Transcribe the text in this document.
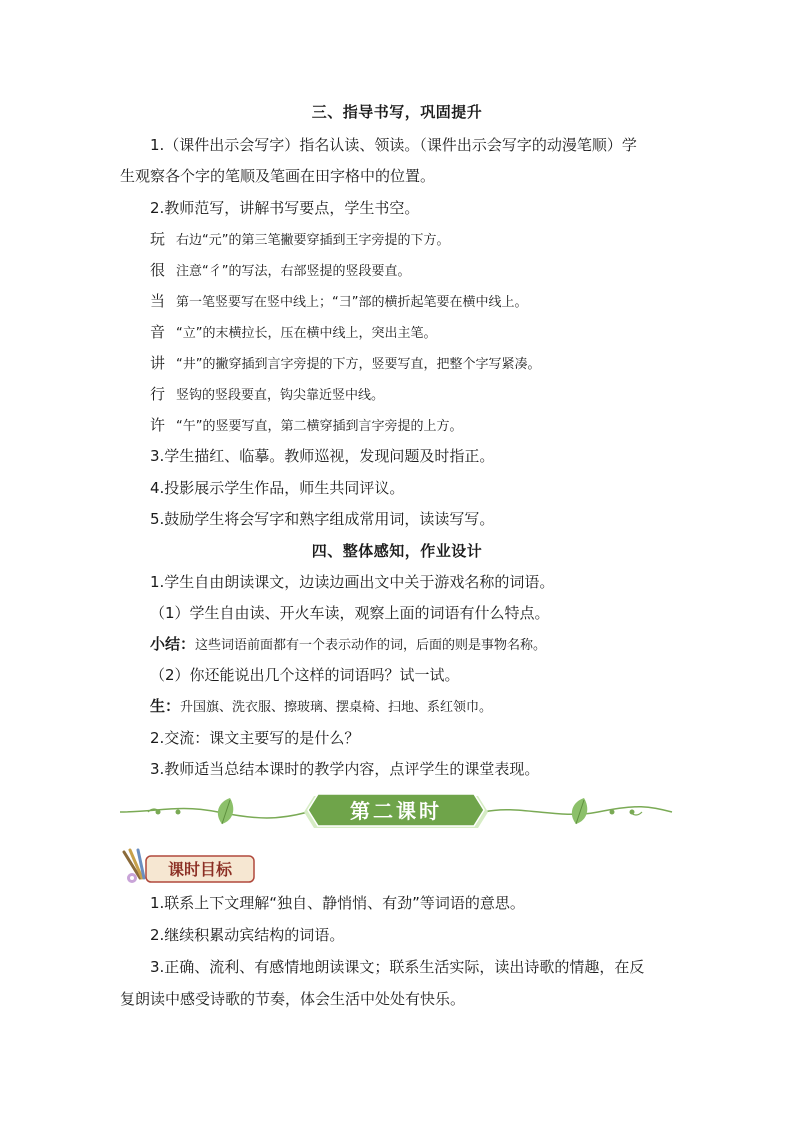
三、指导书写，巩固提升
1.（课件出示会写字）指名认读、领读。（课件出示会写字的动漫笔顺）学
生观察各个字的笔顺及笔画在田字格中的位置。
2.教师范写，讲解书写要点，学生书空。
玩 右边“元”的第三笔撇要穿插到王字旁提的下方。
很 注意“彳”的写法，右部竖提的竖段要直。
当 第一笔竖要写在竖中线上；“彐”部的横折起笔要在横中线上。
音 “立”的末横拉长，压在横中线上，突出主笔。
讲 “井”的撇穿插到言字旁提的下方，竖要写直，把整个字写紧凑。
行 竖钩的竖段要直，钩尖靠近竖中线。
许 “午”的竖要写直，第二横穿插到言字旁提的上方。
3.学生描红、临摹。教师巡视，发现问题及时指正。
4.投影展示学生作品，师生共同评议。
5.鼓励学生将会写字和熟字组成常用词，读读写写。
四、整体感知，作业设计
1.学生自由朗读课文，边读边画出文中关于游戏名称的词语。
（1）学生自由读、开火车读，观察上面的词语有什么特点。
小结：这些词语前面都有一个表示动作的词，后面的则是事物名称。
（2）你还能说出几个这样的词语吗？试一试。
生：升国旗、洗衣服、擦玻璃、摆桌椅、扫地、系红领巾。
2.交流：课文主要写的是什么？
3.教师适当总结本课时的教学内容，点评学生的课堂表现。
第二课时
课时目标
1.联系上下文理解“独自、静悄悄、有劲”等词语的意思。
2.继续积累动宾结构的词语。
3.正确、流利、有感情地朗读课文；联系生活实际，读出诗歌的情趣，在反
复朗读中感受诗歌的节奏，体会生活中处处有快乐。
